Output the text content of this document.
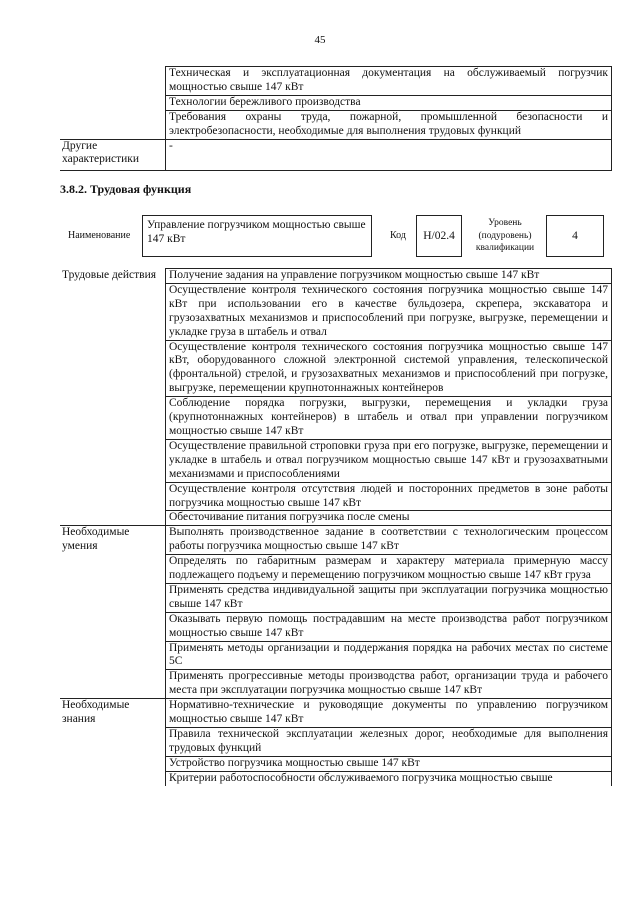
45
	Техническая и эксплуатационная документация на обслуживаемый погрузчик мощностью свыше 147 кВт
	Технологии бережливого производства
	Требования охраны труда, пожарной, промышленной безопасности и электробезопасности, необходимые для выполнения трудовых функций
Другие характеристики	-
3.8.2. Трудовая функция
Наименование
Управление погрузчиком мощностью свыше 147 кВт	Код	H/02.4
Уровень
(подуровень)
квалификации
4
Трудовые действия	Получение задания на управление погрузчиком мощностью свыше 147 кВт
	Осуществление контроля технического состояния погрузчика мощностью свыше 147 кВт при использовании его в качестве бульдозера, скрепера, экскаватора и грузозахватных механизмов и приспособлений при погрузке, выгрузке, перемещении и укладке груза в штабель и отвал
	Осуществление контроля технического состояния погрузчика мощностью свыше 147 кВт, оборудованного сложной электронной системой управления, телескопической (фронтальной) стрелой, и грузозахватных механизмов и приспособлений при погрузке, выгрузке, перемещении крупнотоннажных контейнеров
	Соблюдение порядка погрузки, выгрузки, перемещения и укладки груза (крупнотоннажных контейнеров) в штабель и отвал при управлении погрузчиком мощностью свыше 147 кВт
	Осуществление правильной строповки груза при его погрузке, выгрузке, перемещении и укладке в штабель и отвал погрузчиком мощностью свыше 147 кВт и грузозахватными механизмами и приспособлениями
	Осуществление контроля отсутствия людей и посторонних предметов в зоне работы погрузчика мощностью свыше 147 кВт
	Обесточивание питания погрузчика после смены
Необходимые умения	Выполнять производственное задание в соответствии с технологическим процессом работы погрузчика мощностью свыше 147 кВт
	Определять по габаритным размерам и характеру материала примерную массу подлежащего подъему и перемещению погрузчиком мощностью свыше 147 кВт груза
	Применять средства индивидуальной защиты при эксплуатации погрузчика мощностью свыше 147 кВт
	Оказывать первую помощь пострадавшим на месте производства работ погрузчиком мощностью свыше 147 кВт
	Применять методы организации и поддержания порядка на рабочих местах по системе 5С
	Применять прогрессивные методы производства работ, организации труда и рабочего места при эксплуатации погрузчика мощностью свыше 147 кВт
Необходимые знания	Нормативно-технические и руководящие документы по управлению погрузчиком мощностью свыше 147 кВт
	Правила технической эксплуатации железных дорог, необходимые для выполнения трудовых функций
	Устройство погрузчика мощностью свыше 147 кВт
	Критерии работоспособности обслуживаемого погрузчика мощностью свыше
